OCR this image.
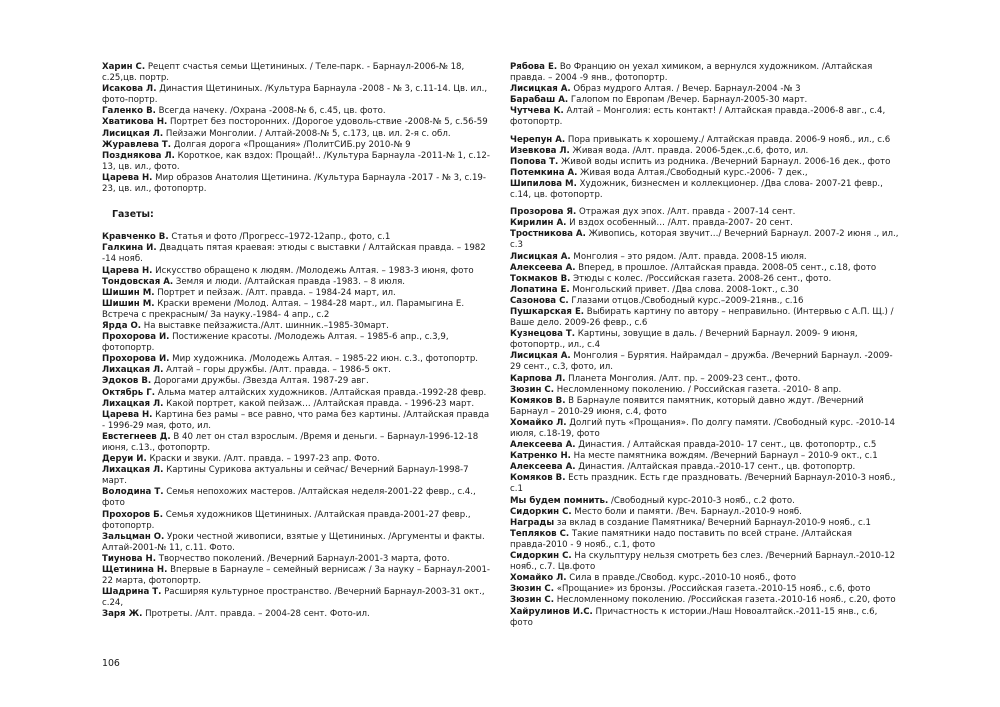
Харин С. Рецепт счастья семьи Щетининых. / Теле-парк. - Барнаул-2006-№ 18, с.25,цв. портр.

Исакова Л. Династия Щетининых. /Культура Барнаула -2008 - № 3, с.11-14. Цв. ил., фото-портр.

Галенко В. Всегда начеку. /Охрана -2008-№ 6, с.45, цв. фото.

Хватикова Н. Портрет без посторонних. /Дорогое удоволь-ствие -2008-№ 5, с.56-59

Лисицкая Л. Пейзажи Монголии. / Алтай-2008-№ 5, с.173, цв. ил. 2-я с. обл.

Журавлева Т. Долгая дорога «Прощания» /ПолитСИБ.ру 2010-№ 9

Позднякова Л. Короткое, как вздох: Прощай!.. /Культура Барнаула -2011-№ 1, с.12-13, цв. ил., фото.

Царева Н. Мир образов Анатолия Щетинина. /Культура Барнаула -2017 - № 3, с.19-23, цв. ил., фотопортр.

Газеты:

Кравченко В. Статья и фото /Прогресс–1972-12апр., фото, с.1

Галкина И. Двадцать пятая краевая: этюды с выставки / Алтайская правда. – 1982 -14 нояб.

Царева Н. Искусство обращено к людям. /Молодежь Алтая. – 1983-3 июня, фото

Тондовская А. Земля и люди. /Алтайская правда -1983. – 8 июля.

Шишин М. Портрет и пейзаж. /Алт. правда. – 1984-24 март, ил.

Шишин М. Краски времени /Молод. Алтая. – 1984-28 март., ил. Парамыгина Е. Встреча с прекрасным/ За науку.-1984- 4 апр., с.2

Ярда О. На выставке пейзажиста./Алт. шинник.–1985-30март.

Прохорова И. Постижение красоты. /Молодежь Алтая. – 1985-6 апр., с.3,9, фотопортр.

Прохорова И. Мир художника. /Молодежь Алтая. – 1985-22 июн. с.3., фотопортр.

Лихацкая Л. Алтай – горы дружбы. /Алт. правда. – 1986-5 окт.

Эдоков В. Дорогами дружбы. /Звезда Алтая. 1987-29 авг.

Октябрь Г. Альма матер алтайских художников. /Алтайская правда.-1992-28 февр.

Лихацкая Л. Какой портрет, какой пейзаж… /Алтайская правда. - 1996-23 март.

Царева Н. Картина без рамы – все равно, что рама без картины. /Алтайская правда - 1996-29 мая, фото, ил.

Евстегнеев Д. В 40 лет он стал взрослым. /Время и деньги. – Барнаул-1996-12-18 июня, с.13., фотопортр.

Деруи И. Краски и звуки. /Алт. правда. – 1997-23 апр. Фото.

Лихацкая Л. Картины Сурикова актуальны и сейчас/ Вечерний Барнаул-1998-7 март.

Володина Т. Семья непохожих мастеров. /Алтайская неделя-2001-22 февр., с.4., фото

Прохоров Б. Семья художников Щетининых. /Алтайская правда-2001-27 февр., фотопортр.

Зальцман О. Уроки честной живописи, взятые у Щетининых. /Аргументы и факты. Алтай-2001-№ 11, с.11. Фото.

Тиунова Н. Творчество поколений. /Вечерний Барнаул-2001-3 марта, фото.

Щетинина Н. Впервые в Барнауле – семейный вернисаж / За науку – Барнаул-2001-22 марта, фотопортр.

Шадрина Т. Расширяя культурное пространство. /Вечерний Барнаул-2003-31 окт., с.24,

Заря Ж. Протреты. /Алт. правда. – 2004-28 сент. Фото-ил.

Рябова Е. Во Францию он уехал химиком, а вернулся художником. /Алтайская правда. – 2004 -9 янв., фотопортр.

Лисицкая А. Образ мудрого Алтая. / Вечер. Барнаул-2004 -№ 3

Барабаш А. Галопом по Европам /Вечер. Барнаул-2005-30 март.

Чутчева К. Алтай – Монголия: есть контакт! / Алтайская правда.-2006-8 авг., с.4, фотопортр.

Черепун А. Пора привыкать к хорошему./ Алтайская правда. 2006-9 нояб., ил., с.6

Изевкова Л. Живая вода. /Алт. правда. 2006-5дек.,с.6, фото, ил.

Попова Т. Живой воды испить из родника. /Вечерний Барнаул. 2006-16 дек., фото

Потемкина А. Живая вода Алтая./Свободный курс.-2006- 7 дек.,

Шипилова М. Художник, бизнесмен и коллекционер. /Два слова- 2007-21 февр., с.14, цв. фотопортр.

Прозорова Я. Отражая дух эпох. /Алт. правда - 2007-14 сент.

Кирилин А. И вздох особенный… /Алт. правда-2007- 20 сент.

Тростникова А. Живопись, которая звучит…/ Вечерний Барнаул. 2007-2 июня ., ил., с.3

Лисицкая А. Монголия – это рядом. /Алт. правда. 2008-15 июля.

Алексеева А. Вперед, в прошлое. /Алтайская правда. 2008-05 сент., с.18, фото

Токмаков В. Этюды с колес. /Российская газета. 2008-26 сент., фото.

Лопатина Е. Монгольский привет. /Два слова. 2008-1окт., с.30

Сазонова С. Глазами отцов./Свободный курс.–2009-21янв., с.16

Пушкарская Е. Выбирать картину по автору – неправильно. (Интервью с А.П. Щ.) /Ваше дело. 2009-26 февр., с.6

Кузнецова Т. Картины, зовущие в даль. / Вечерний Барнаул. 2009- 9 июня, фотопортр., ил., с.4

Лисицкая А. Монголия – Бурятия. Найрамдал – дружба. /Вечерний Барнаул. -2009-29 сент., с.3, фото, ил.

Карпова Л. Планета Монголия. /Алт. пр. – 2009-23 сент., фото.

Зюзин С. Несломленному поколению. / Российская газета. -2010- 8 апр.

Комяков В. В Барнауле появится памятник, который давно ждут. /Вечерний Барнаул – 2010-29 июня, с.4, фото

Хомайко Л. Долгий путь «Прощания». По долгу памяти. /Свободный курс. -2010-14 июля, с.18-19, фото

Алексеева А. Династия. / Алтайская правда-2010- 17 сент., цв. фотопортр., с.5

Катренко Н. На месте памятника вождям. /Вечерний Барнаул – 2010-9 окт., с.1

Алексеева А. Династия. /Алтайская правда.-2010-17 сент., цв. фотопортр.

Комяков В. Есть праздник. Есть где праздновать. /Вечерний Барнаул-2010-3 нояб., с.1

Мы будем помнить. /Свободный курс-2010-3 нояб., с.2 фото.

Сидоркин С. Место боли и памяти. /Веч. Барнаул.-2010-9 нояб.

Награды за вклад в создание Памятника/ Вечерний Барнаул-2010-9 нояб., с.1

Тепляков С. Такие памятники надо поставить по всей стране. /Алтайская правда-2010 - 9 нояб., с.1, фото

Сидоркин С. На скульптуру нельзя смотреть без слез. /Вечерний Барнаул.-2010-12 нояб., с.7. Цв.фото

Хомайко Л. Сила в правде./Свобод. курс.-2010-10 нояб., фото

Зюзин С. «Прощание» из бронзы. /Российская газета.-2010-15 нояб., с.6, фото

Зюзин С. Несломленному поколению. /Российская газета.-2010-16 нояб., с.20, фото

Хайрулинов И.С. Причастность к истории./Наш Новоалтайск.-2011-15 янв., с.6, фото

106
